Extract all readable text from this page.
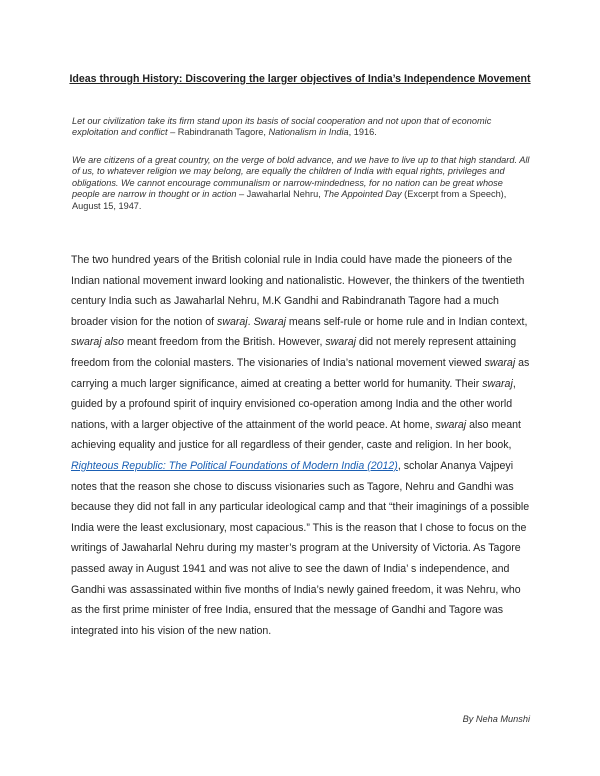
Ideas through History: Discovering the larger objectives of India’s Independence Movement

Let our civilization take its firm stand upon its basis of social cooperation and not upon that of economic exploitation and conflict – Rabindranath Tagore, Nationalism in India, 1916.

We are citizens of a great country, on the verge of bold advance, and we have to live up to that high standard. All of us, to whatever religion we may belong, are equally the children of India with equal rights, privileges and obligations. We cannot encourage communalism or narrow-mindedness, for no nation can be great whose people are narrow in thought or in action – Jawaharlal Nehru, The Appointed Day (Excerpt from a Speech), August 15, 1947.

The two hundred years of the British colonial rule in India could have made the pioneers of the Indian national movement inward looking and nationalistic. However, the thinkers of the twentieth century India such as Jawaharlal Nehru, M.K Gandhi and Rabindranath Tagore had a much broader vision for the notion of swaraj. Swaraj means self-rule or home rule and in Indian context, swaraj also meant freedom from the British. However, swaraj did not merely represent attaining freedom from the colonial masters. The visionaries of India’s national movement viewed swaraj as carrying a much larger significance, aimed at creating a better world for humanity. Their swaraj, guided by a profound spirit of inquiry envisioned co-operation among India and the other world nations, with a larger objective of the attainment of the world peace. At home, swaraj also meant achieving equality and justice for all regardless of their gender, caste and religion. In her book, Righteous Republic: The Political Foundations of Modern India (2012), scholar Ananya Vajpeyi notes that the reason she chose to discuss visionaries such as Tagore, Nehru and Gandhi was because they did not fall in any particular ideological camp and that “their imaginings of a possible India were the least exclusionary, most capacious.” This is the reason that I chose to focus on the writings of Jawaharlal Nehru during my master’s program at the University of Victoria. As Tagore passed away in August 1941 and was not alive to see the dawn of India’ s independence, and Gandhi was assassinated within five months of India’s newly gained freedom, it was Nehru, who as the first prime minister of free India, ensured that the message of Gandhi and Tagore was integrated into his vision of the new nation.

By Neha Munshi
